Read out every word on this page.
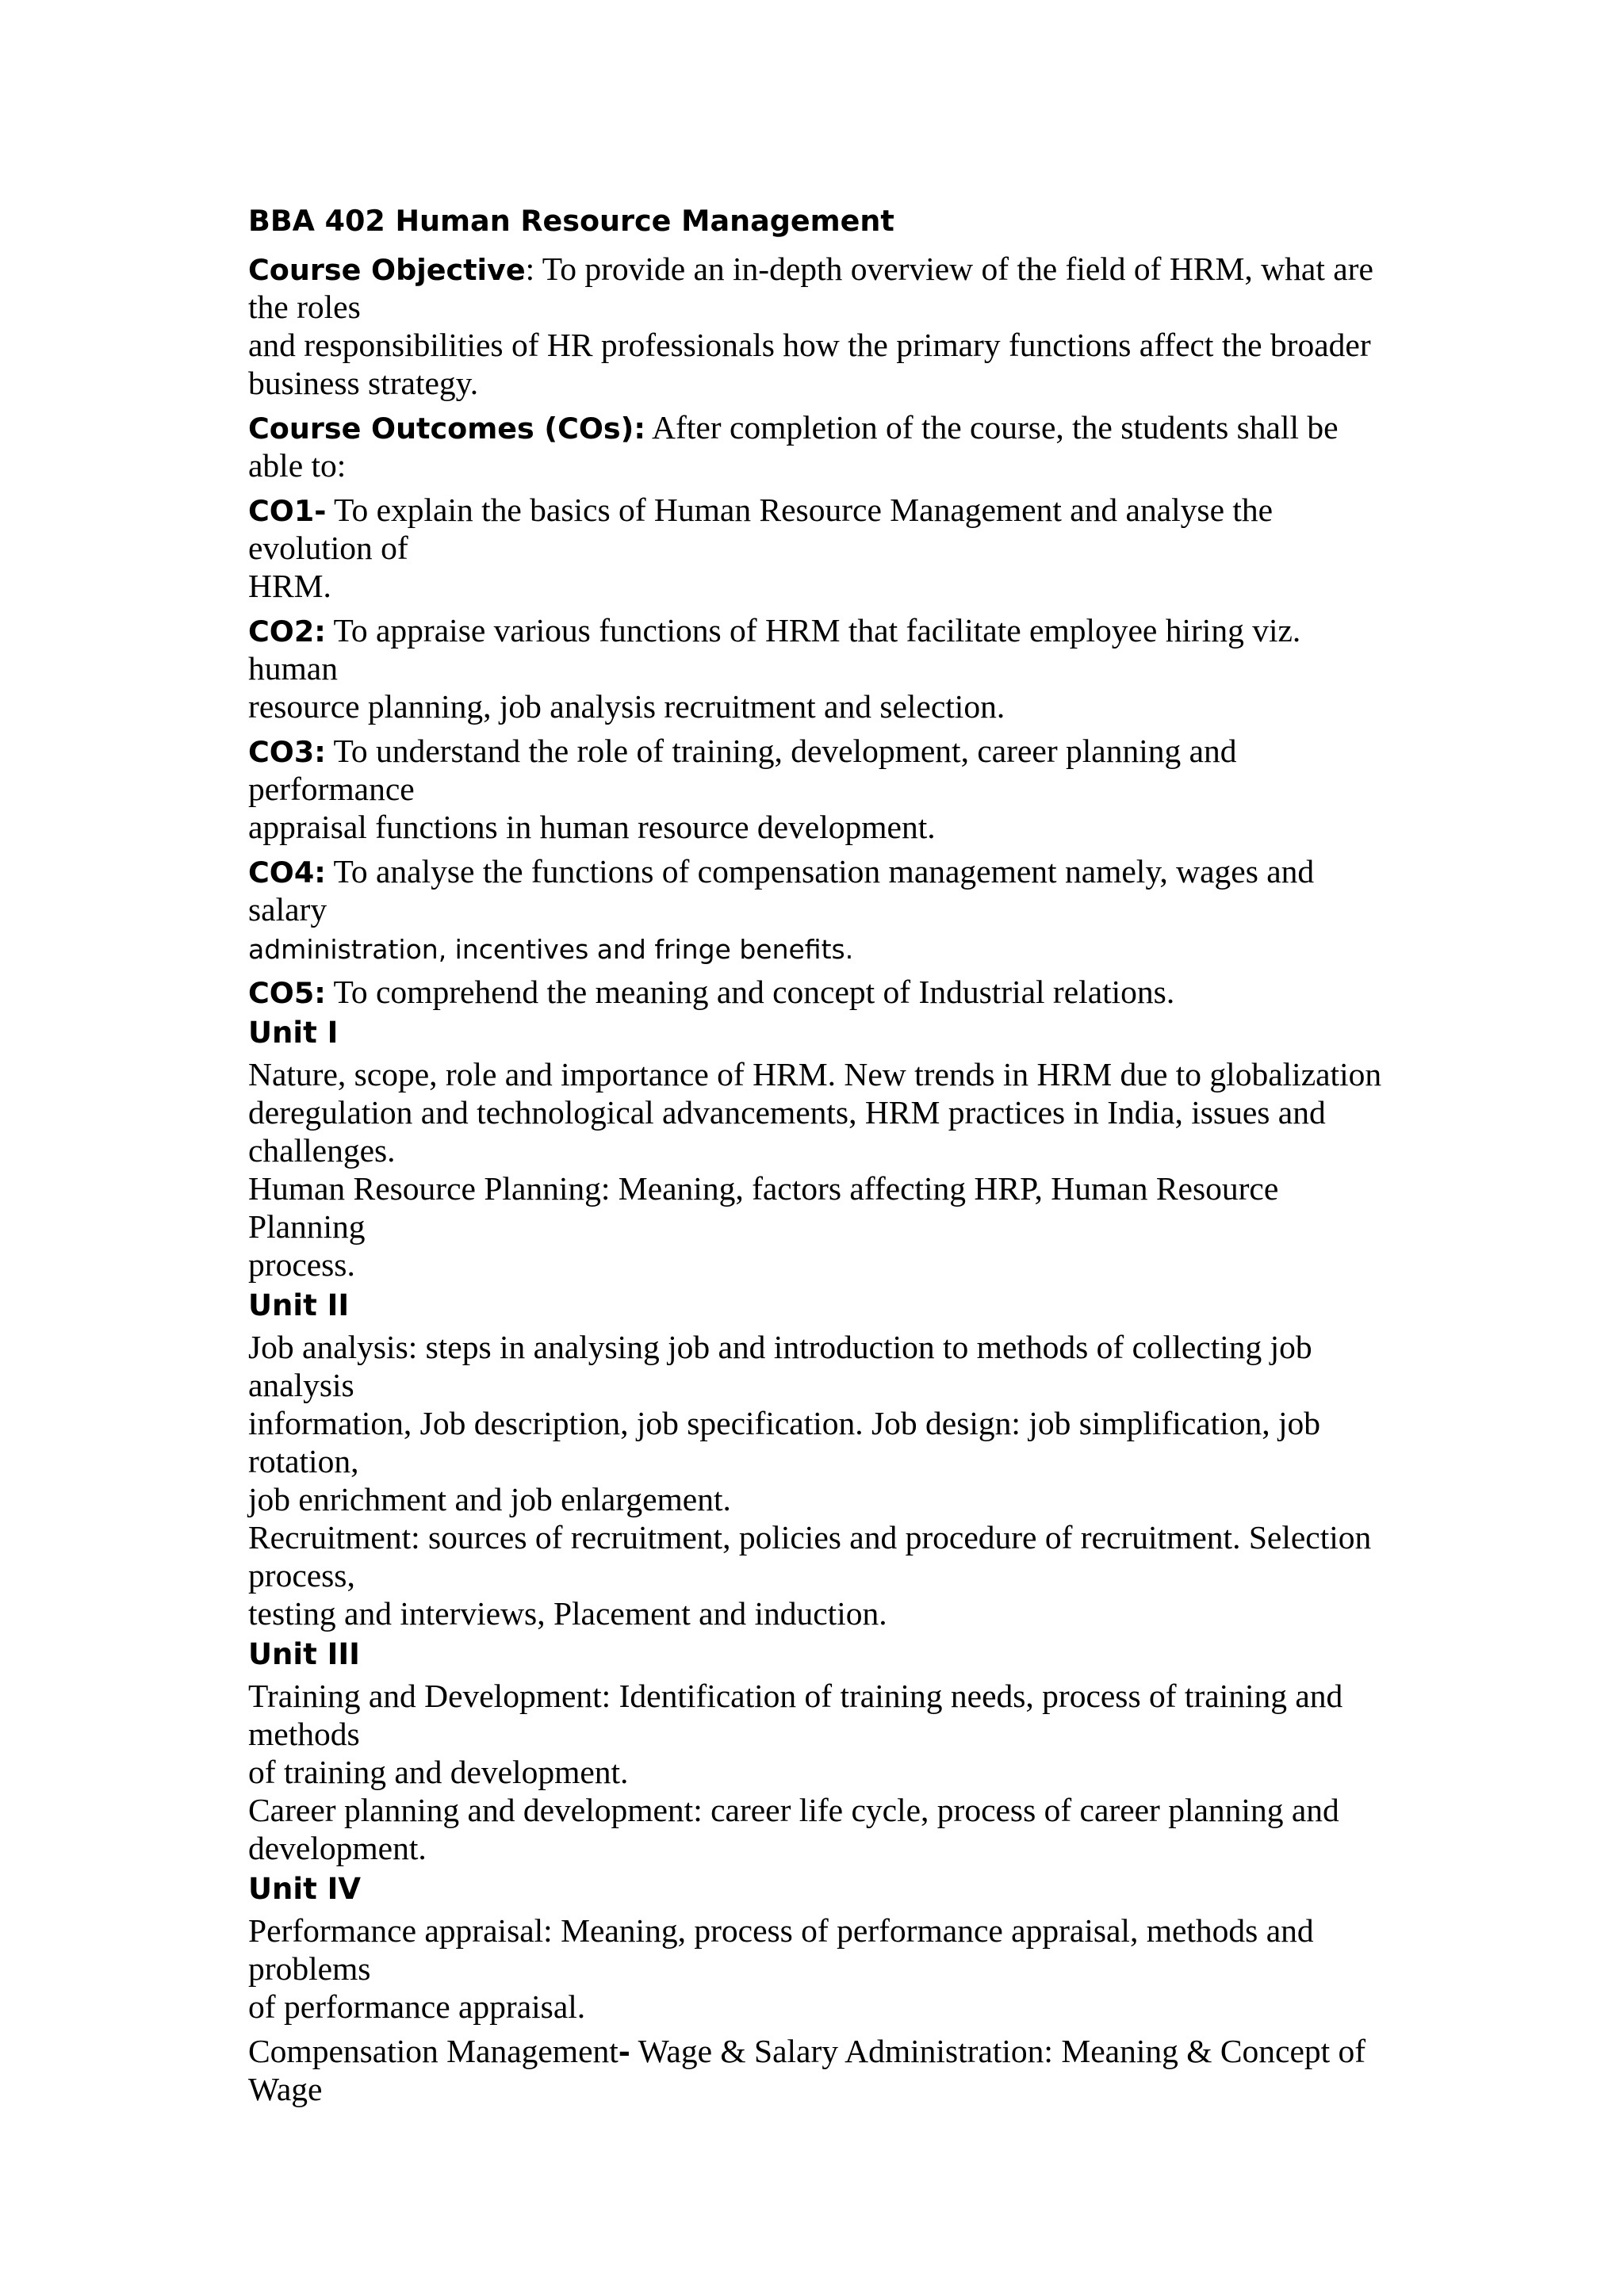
BBA 402 Human Resource Management
Course Objective: To provide an in-depth overview of the field of HRM, what are
the roles
and responsibilities of HR professionals how the primary functions affect the broader
business strategy.
Course Outcomes (COs): After completion of the course, the students shall be
able to:
CO1- To explain the basics of Human Resource Management and analyse the
evolution of
HRM.
CO2: To appraise various functions of HRM that facilitate employee hiring viz.
human
resource planning, job analysis recruitment and selection.
CO3: To understand the role of training, development, career planning and
performance
appraisal functions in human resource development.
CO4: To analyse the functions of compensation management namely, wages and
salary
administration, incentives and fringe benefits.
CO5: To comprehend the meaning and concept of Industrial relations.
Unit I
Nature, scope, role and importance of HRM. New trends in HRM due to globalization
deregulation and technological advancements, HRM practices in India, issues and
challenges.
Human Resource Planning: Meaning, factors affecting HRP, Human Resource
Planning
process.
Unit II
Job analysis: steps in analysing job and introduction to methods of collecting job
analysis
information, Job description, job specification. Job design: job simplification, job
rotation,
job enrichment and job enlargement.
Recruitment: sources of recruitment, policies and procedure of recruitment. Selection
process,
testing and interviews, Placement and induction.
Unit III
Training and Development: Identification of training needs, process of training and
methods
of training and development.
Career planning and development: career life cycle, process of career planning and
development.
Unit IV
Performance appraisal: Meaning, process of performance appraisal, methods and
problems
of performance appraisal.
Compensation Management- Wage & Salary Administration: Meaning & Concept of
Wage
